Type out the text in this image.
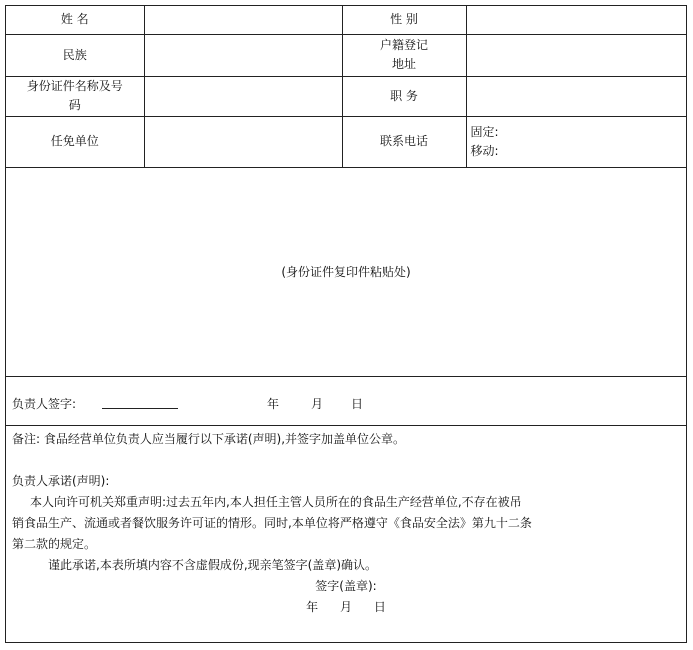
姓 名		性 别	
民族		户籍登记
地址	

身份证件名称及号
码		职 务	
任免单位		联系电话	固定:
移动:
(身份证件复印件粘贴处)
负责人签字:	年	月 日

备注: 食品经营单位负责人应当履行以下承诺(声明),并签字加盖单位公章。

负责人承诺(声明):

本人向许可机关郑重声明:过去五年内,本人担任主管人员所在的食品生产经营单位,不存在被吊

销食品生产、流通或者餐饮服务许可证的情形。同时,本单位将严格遵守《食品安全法》第九十二条

第二款的规定。

谨此承诺,本表所填内容不含虚假成份,现亲笔签字(盖章)确认。

签字(盖章):

年 月 日
